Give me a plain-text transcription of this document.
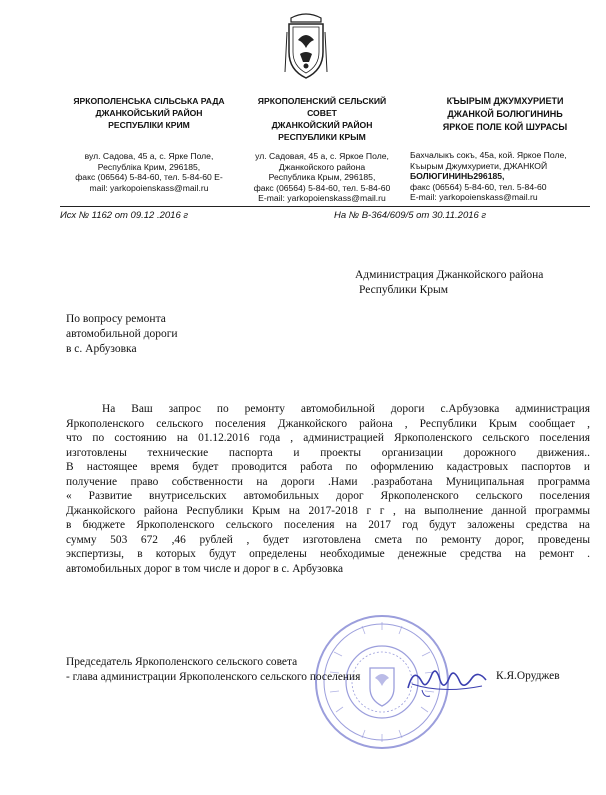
ЯРКОПОЛЕНСЬКА СІЛЬСЬКА РАДА
ДЖАНКОЙСЬКИЙ РАЙОН
РЕСПУБЛІКИ КРИМ
вул. Садова, 45 а, с. Ярке Поле,
Республіка Крим, 296185,
факс (06564) 5-84-60, тел. 5-84-60 E-
mail: yarkopoienskass@mail.ru
ЯРКОПОЛЕНСКИЙ СЕЛЬСКИЙ
СОВЕТ
ДЖАНКОЙСКИЙ РАЙОН
РЕСПУБЛИКИ КРЫМ
ул. Садовая, 45 а, с. Яркое Поле,
Джанкойского района
Республика Крым, 296185,
факс (06564) 5-84-60, тел. 5-84-60
E-mail: yarkopoienskass@mail.ru
КЪЫРЫМ ДЖУМХУРИЕТИ
ДЖАНКОЙ БОЛЮГИНИНЬ
ЯРКОЕ ПОЛЕ КОЙ ШУРАСЫ
Бахчалыкъ сокъ, 45а, кой. Яркое Поле,
Къырым Джумхуриети, ДЖАНКОЙ
БОЛЮГИНИНЬ296185,
факс (06564) 5-84-60, тел. 5-84-60
E-mail: yarkopoienskass@mail.ru
Исх № 1162 от 09.12 .2016 г	На № В-364/609/5 от 30.11.2016 г
Администрация Джанкойского района
Республики Крым
По вопросу ремонта
автомобильной дороги
в с. Арбузовка
На Ваш запрос по ремонту автомобильной дороги с.Арбузовка администрация
Яркополенского сельского поселения Джанкойского района , Республики Крым сообщает ,
что по состоянию на 01.12.2016 года , администрацией Яркополенского сельского поселения
изготовлены технические паспорта и проекты организации дорожного движения..
В настоящее время будет проводится работа по оформлению кадастровых паспортов и
получение право собственности на дороги .Нами .разработана Муниципальная программа
« Развитие внутрисельских автомобильных дорог Яркополенского сельского поселения
Джанкойского района Республики Крым на 2017-2018 г г , на выполнение данной программы
в бюджете Яркополенского сельского поселения на 2017 год будут заложены средства на
сумму 503 672 ,46 рублей , будет изготовлена смета по ремонту дорог, проведены
экспертизы, в которых будут определены необходимые денежные средства на ремонт .
автомобильных дорог в том числе и дорог в с. Арбузовка
Председатель Яркополенского сельского совета
- глава администрации Яркополенского сельского поселения	К.Я.Оруджев
